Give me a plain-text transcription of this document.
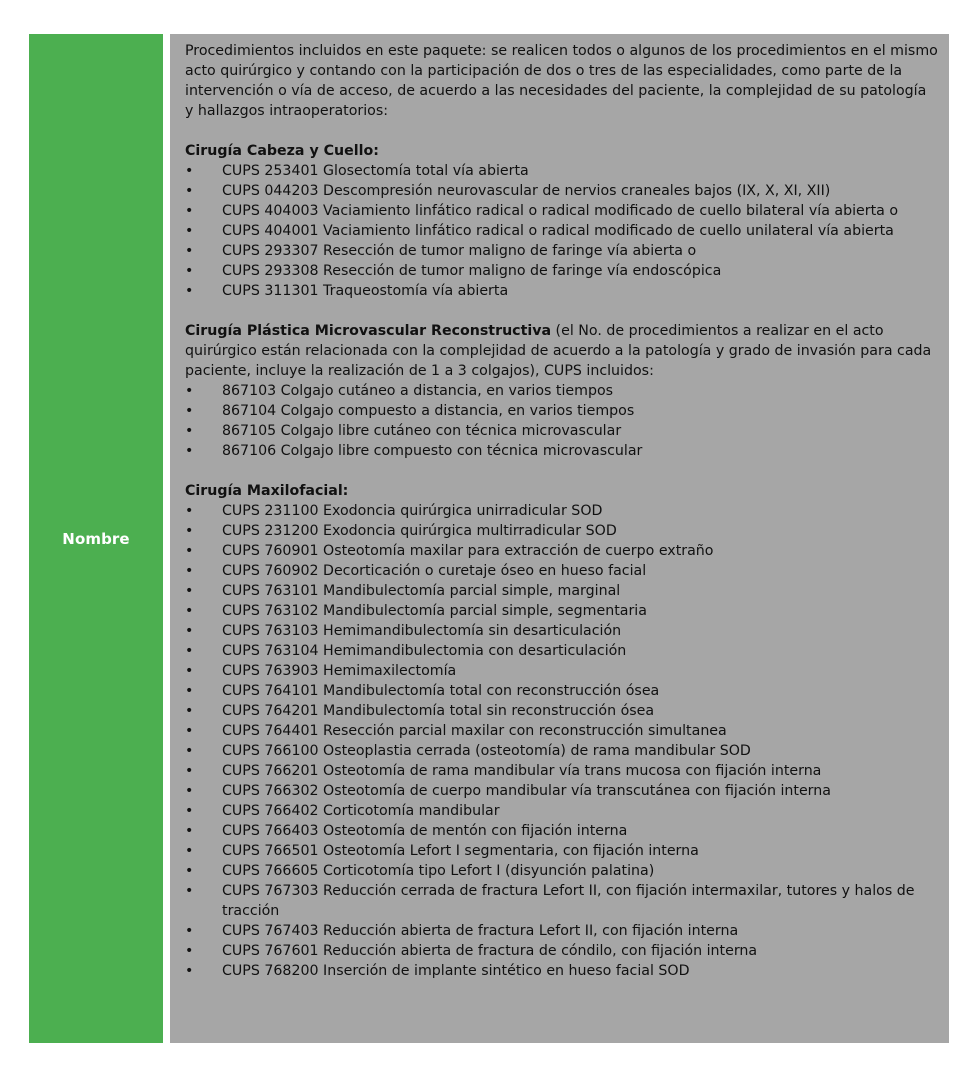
Nombre

Procedimientos incluidos en este paquete: se realicen todos o algunos de los procedimientos en el mismo acto quirúrgico y contando con la participación de dos o tres de las especialidades, como parte de la intervención o vía de acceso, de acuerdo a las necesidades del paciente, la complejidad de su patología y hallazgos intraoperatorios:

Cirugía Cabeza y Cuello:

• CUPS 253401 Glosectomía total vía abierta
• CUPS 044203 Descompresión neurovascular de nervios craneales bajos (IX, X, XI, XII)
• CUPS 404003 Vaciamiento linfático radical o radical modificado de cuello bilateral vía abierta o
• CUPS 404001 Vaciamiento linfático radical o radical modificado de cuello unilateral vía abierta
• CUPS 293307 Resección de tumor maligno de faringe vía abierta o
• CUPS 293308 Resección de tumor maligno de faringe vía endoscópica
• CUPS 311301 Traqueostomía vía abierta

Cirugía Plástica Microvascular Reconstructiva (el No. de procedimientos a realizar en el acto quirúrgico están relacionada con la complejidad de acuerdo a la patología y grado de invasión para cada paciente, incluye la realización de 1 a 3 colgajos), CUPS incluidos:

• 867103 Colgajo cutáneo a distancia, en varios tiempos
• 867104 Colgajo compuesto a distancia, en varios tiempos
• 867105 Colgajo libre cutáneo con técnica microvascular
• 867106 Colgajo libre compuesto con técnica microvascular

Cirugía Maxilofacial:

• CUPS 231100 Exodoncia quirúrgica unirradicular SOD
• CUPS 231200 Exodoncia quirúrgica multirradicular SOD
• CUPS 760901 Osteotomía maxilar para extracción de cuerpo extraño
• CUPS 760902 Decorticación o curetaje óseo en hueso facial
• CUPS 763101 Mandibulectomía parcial simple, marginal
• CUPS 763102 Mandibulectomía parcial simple, segmentaria
• CUPS 763103 Hemimandibulectomía sin desarticulación
• CUPS 763104 Hemimandibulectomia con desarticulación
• CUPS 763903 Hemimaxilectomía
• CUPS 764101 Mandibulectomía total con reconstrucción ósea
• CUPS 764201 Mandibulectomía total sin reconstrucción ósea
• CUPS 764401 Resección parcial maxilar con reconstrucción simultanea
• CUPS 766100 Osteoplastia cerrada (osteotomía) de rama mandibular SOD
• CUPS 766201 Osteotomía de rama mandibular vía trans mucosa con fijación interna
• CUPS 766302 Osteotomía de cuerpo mandibular vía transcutánea con fijación interna
• CUPS 766402 Corticotomía mandibular
• CUPS 766403 Osteotomía de mentón con fijación interna
• CUPS 766501 Osteotomía Lefort I segmentaria, con fijación interna
• CUPS 766605 Corticotomía tipo Lefort I (disyunción palatina)
• CUPS 767303 Reducción cerrada de fractura Lefort II, con fijación intermaxilar, tutores y halos de tracción
• CUPS 767403 Reducción abierta de fractura Lefort II, con fijación interna
• CUPS 767601 Reducción abierta de fractura de cóndilo, con fijación interna
• CUPS 768200 Inserción de implante sintético en hueso facial SOD
